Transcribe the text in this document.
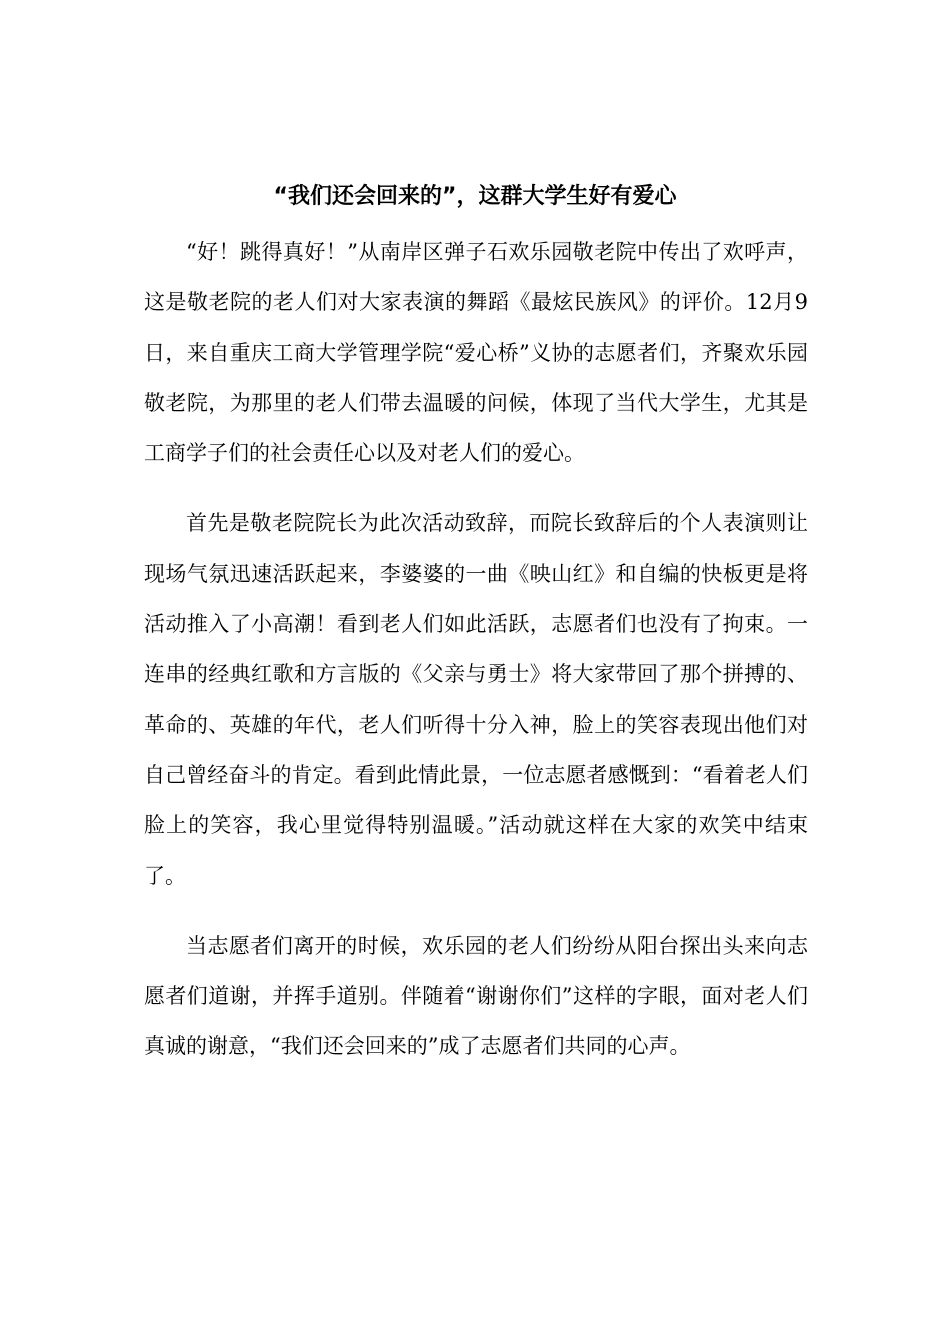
“我们还会回来的”，这群大学生好有爱心

“好！跳得真好！”从南岸区弹子石欢乐园敬老院中传出了欢呼声，这是敬老院的老人们对大家表演的舞蹈《最炫民族风》的评价。12月9日，来自重庆工商大学管理学院“爱心桥”义协的志愿者们，齐聚欢乐园敬老院，为那里的老人们带去温暖的问候，体现了当代大学生，尤其是工商学子们的社会责任心以及对老人们的爱心。

首先是敬老院院长为此次活动致辞，而院长致辞后的个人表演则让现场气氛迅速活跃起来，李婆婆的一曲《映山红》和自编的快板更是将活动推入了小高潮！看到老人们如此活跃，志愿者们也没有了拘束。一连串的经典红歌和方言版的《父亲与勇士》将大家带回了那个拼搏的、革命的、英雄的年代，老人们听得十分入神，脸上的笑容表现出他们对自己曾经奋斗的肯定。看到此情此景，一位志愿者感慨到：“看着老人们脸上的笑容，我心里觉得特别温暖。”活动就这样在大家的欢笑中结束了。

当志愿者们离开的时候，欢乐园的老人们纷纷从阳台探出头来向志愿者们道谢，并挥手道别。伴随着“谢谢你们”这样的字眼，面对老人们真诚的谢意，“我们还会回来的”成了志愿者们共同的心声。
